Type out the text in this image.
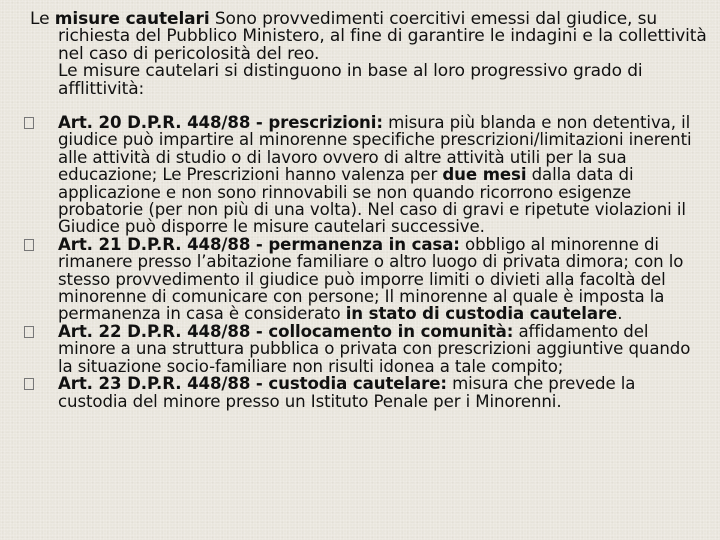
Le misure cautelari Sono provvedimenti coercitivi emessi dal giudice, su richiesta del Pubblico Ministero, al fine di garantire le indagini e la collettività nel caso di pericolosità del reo.
Le misure cautelari si distinguono in base al loro progressivo grado di afflittività:
Art. 20 D.P.R. 448/88 - prescrizioni: misura più blanda e non detentiva, il giudice può impartire al minorenne specifiche prescrizioni/limitazioni inerenti alle attività di studio o di lavoro ovvero di altre attività utili per la sua educazione; Le Prescrizioni hanno valenza per due mesi dalla data di applicazione e non sono rinnovabili se non quando ricorrono esigenze probatorie (per non più di una volta). Nel caso di gravi e ripetute violazioni il Giudice può disporre le misure cautelari successive.
Art. 21 D.P.R. 448/88 - permanenza in casa: obbligo al minorenne di rimanere presso l’abitazione familiare o altro luogo di privata dimora; con lo stesso provvedimento il giudice può imporre limiti o divieti alla facoltà del minorenne di comunicare con persone; Il minorenne al quale è imposta la permanenza in casa è considerato in stato di custodia cautelare.
Art. 22 D.P.R. 448/88 - collocamento in comunità: affidamento del minore a una struttura pubblica o privata con prescrizioni aggiuntive quando la situazione socio-familiare non risulti idonea a tale compito;
Art. 23 D.P.R. 448/88 - custodia cautelare: misura che prevede la custodia del minore presso un Istituto Penale per i Minorenni.
